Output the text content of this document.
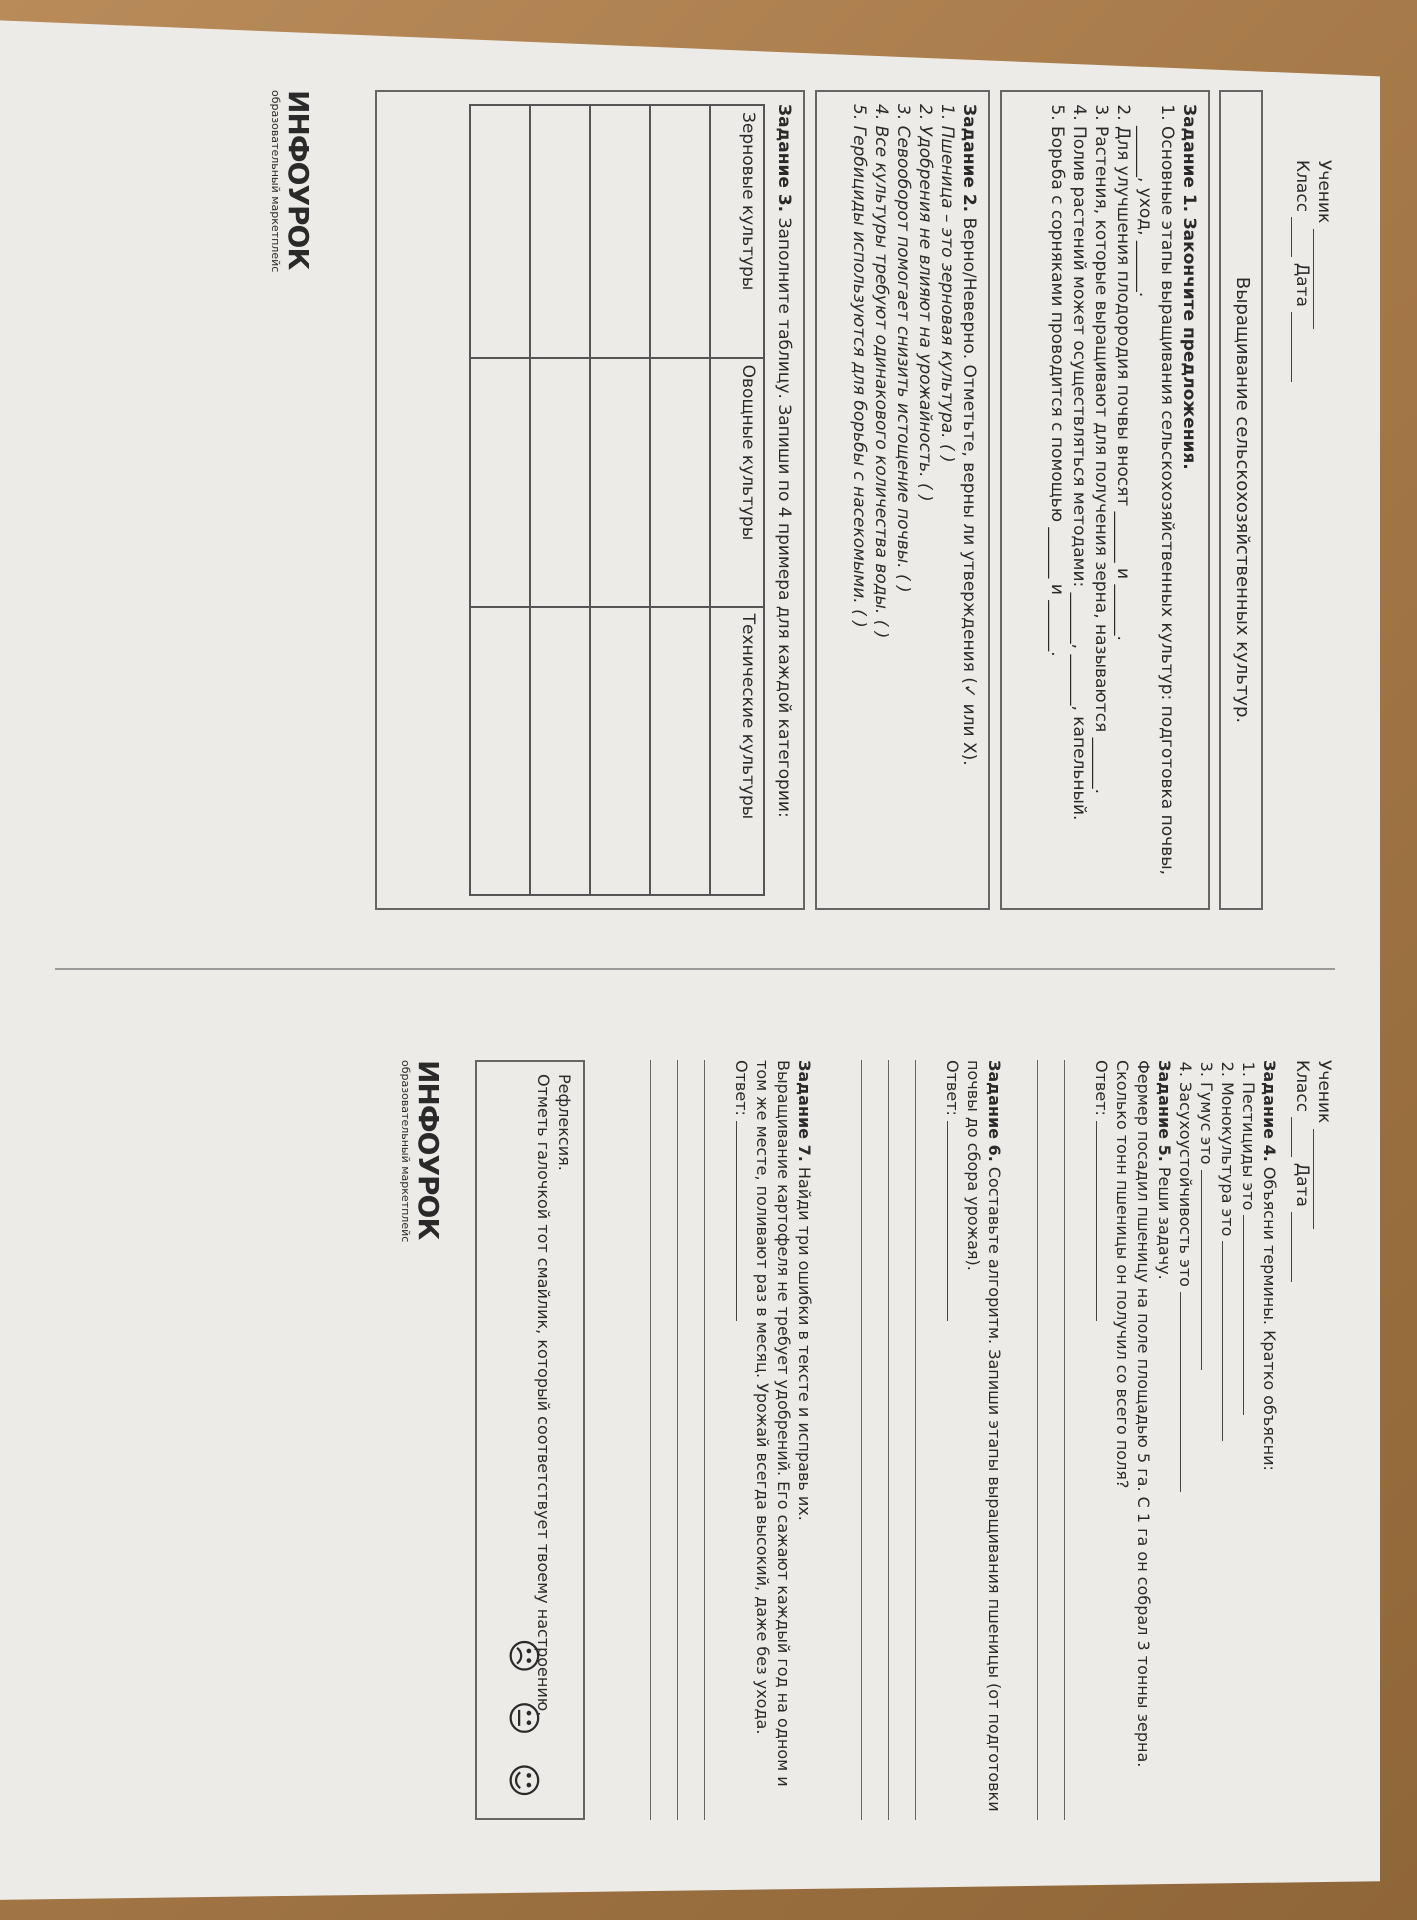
Ученик
Класс  Дата
Выращивание сельскохозяйственных культур.

Задание 1. Закончите предложения.

1. Основные этапы выращивания сельскохозяйственных культур: подготовка почвы, ______, уход, ______.
2. Для улучшения плодородия почвы вносят ______ и ______.
3. Растения, которые выращивают для получения зерна, называются ______.
4. Полив растений может осуществляться методами: ______, ______, капельный.
5. Борьба с сорняками проводится с помощью ______ и ______.

Задание 2. Верно/Неверно. Отметьте, верны ли утверждения (✓ или Х).

1. Пшеница – это зерновая культура. ( )

2. Удобрения не влияют на урожайность. ( )

3. Севооборот помогает снизить истощение почвы. ( )

4. Все культуры требуют одинакового количества воды. ( )

5. Гербициды используются для борьбы с насекомыми. ( )

Задание 3. Заполните таблицу. Запиши по 4 примера для каждой категории:

Зерновые культуры	Овощные культуры	Технические культуры

ИНФОУРОК
образовательный маркетплейс
Ученик
Класс  Дата

Задание 4. Объясни термины. Кратко объясни:

1. Пестициды это
2. Монокультура это
3. Гумус это
4. Засухоустойчивость это

Задание 5. Реши задачу.

Фермер посадил пшеницу на поле площадью 5 га. С 1 га он собрал 3 тонны зерна. Сколько тонн пшеницы он получил со всего поля?

Ответ:

Задание 6. Составьте алгоритм. Запиши этапы выращивания пшеницы (от подготовки почвы до сбора урожая).

Ответ:

Задание 7. Найди три ошибки в тексте и исправь их.

Выращивание картофеля не требует удобрений. Его сажают каждый год на одном и том же месте, поливают раз в месяц. Урожай всегда высокий, даже без ухода.

Ответ:

Рефлексия.

Отметь галочкой тот смайлик, который соответствует твоему настроению.

☹ 😐 ☺
ИНФОУРОК
образовательный маркетплейс
